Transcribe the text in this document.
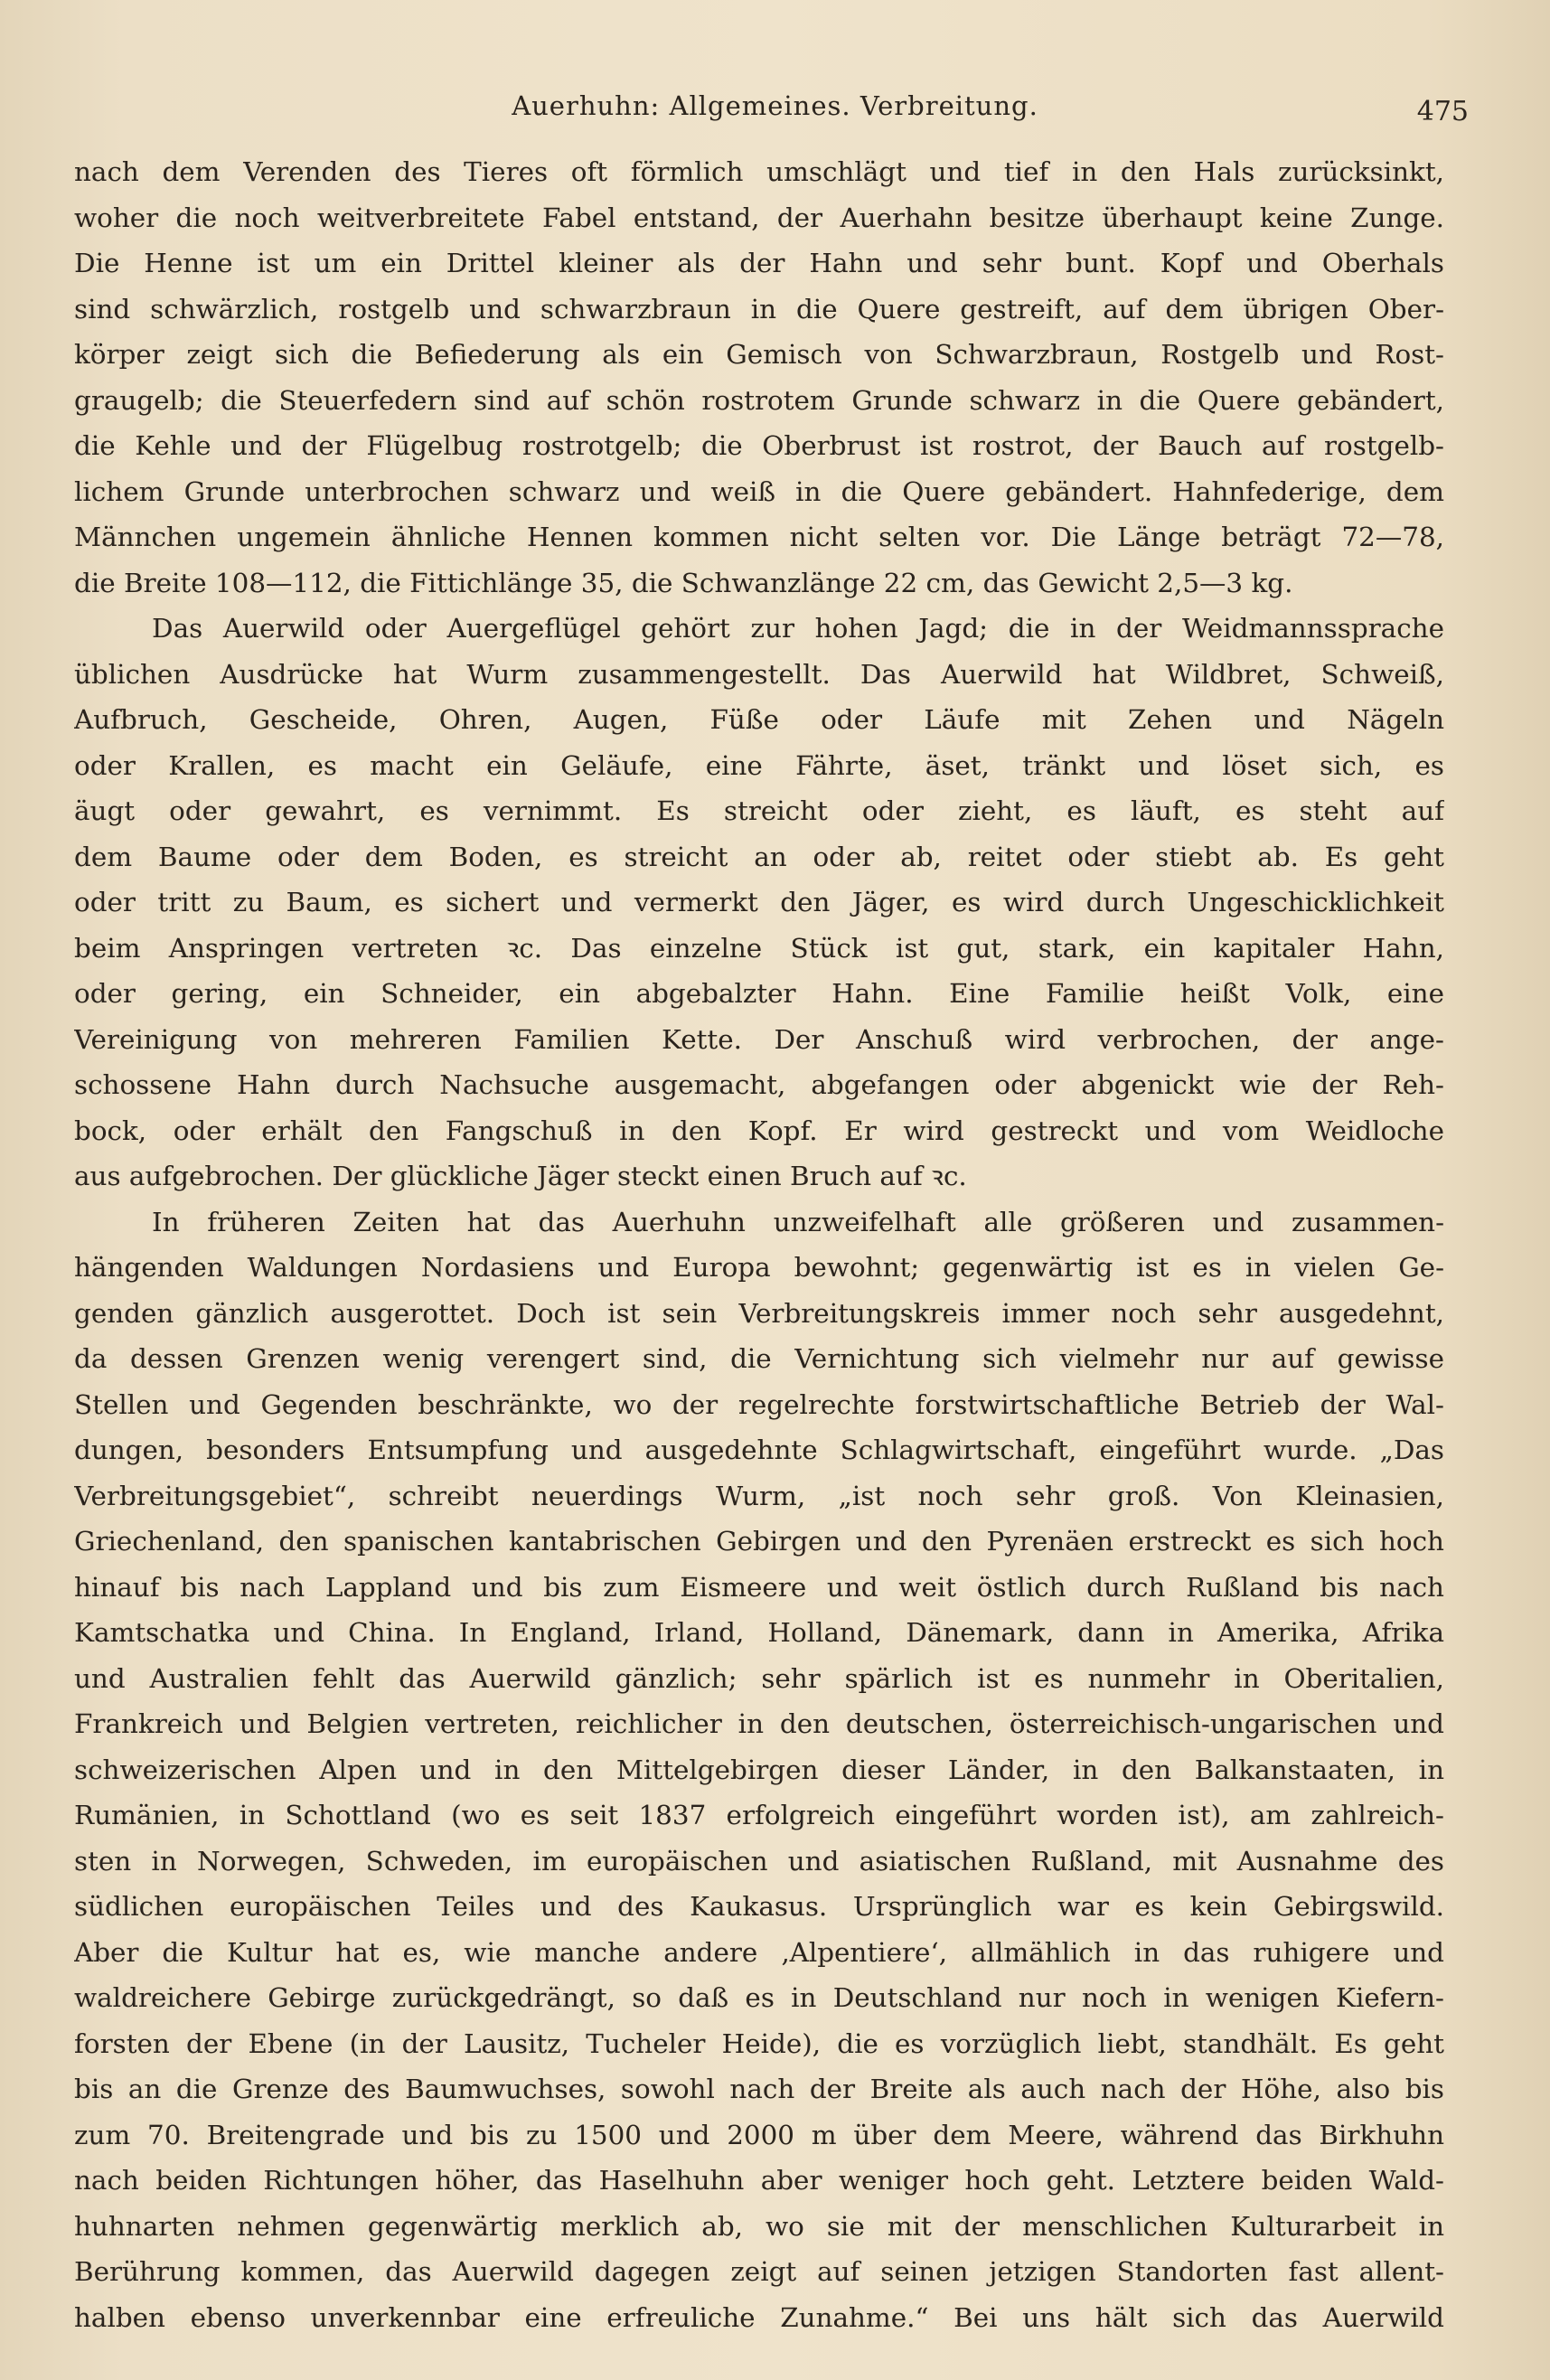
Auerhuhn: Allgemeines. Verbreitung.	475
nach dem Verenden des Tieres oft förmlich umschlägt und tief in den Hals zurücksinkt,
woher die noch weitverbreitete Fabel entstand, der Auerhahn besitze überhaupt keine Zunge.
Die Henne ist um ein Drittel kleiner als der Hahn und sehr bunt. Kopf und Oberhals
sind schwärzlich, rostgelb und schwarzbraun in die Quere gestreift, auf dem übrigen Ober-
körper zeigt sich die Befiederung als ein Gemisch von Schwarzbraun, Rostgelb und Rost-
graugelb; die Steuerfedern sind auf schön rostrotem Grunde schwarz in die Quere gebändert,
die Kehle und der Flügelbug rostrotgelb; die Oberbrust ist rostrot, der Bauch auf rostgelb-
lichem Grunde unterbrochen schwarz und weiß in die Quere gebändert. Hahnfederige, dem
Männchen ungemein ähnliche Hennen kommen nicht selten vor. Die Länge beträgt 72—78,
die Breite 108—112, die Fittichlänge 35, die Schwanzlänge 22 cm, das Gewicht 2,5—3 kg.
Das Auerwild oder Auergeflügel gehört zur hohen Jagd; die in der Weidmannssprache
üblichen Ausdrücke hat Wurm zusammengestellt. Das Auerwild hat Wildbret, Schweiß,
Aufbruch, Gescheide, Ohren, Augen, Füße oder Läufe mit Zehen und Nägeln
oder Krallen, es macht ein Geläufe, eine Fährte, äset, tränkt und löset sich, es
äugt oder gewahrt, es vernimmt. Es streicht oder zieht, es läuft, es steht auf
dem Baume oder dem Boden, es streicht an oder ab, reitet oder stiebt ab. Es geht
oder tritt zu Baum, es sichert und vermerkt den Jäger, es wird durch Ungeschicklichkeit
beim Anspringen vertreten ꝛc. Das einzelne Stück ist gut, stark, ein kapitaler Hahn,
oder gering, ein Schneider, ein abgebalzter Hahn. Eine Familie heißt Volk, eine
Vereinigung von mehreren Familien Kette. Der Anschuß wird verbrochen, der ange-
schossene Hahn durch Nachsuche ausgemacht, abgefangen oder abgenickt wie der Reh-
bock, oder erhält den Fangschuß in den Kopf. Er wird gestreckt und vom Weidloche
aus aufgebrochen. Der glückliche Jäger steckt einen Bruch auf ꝛc.
In früheren Zeiten hat das Auerhuhn unzweifelhaft alle größeren und zusammen-
hängenden Waldungen Nordasiens und Europa bewohnt; gegenwärtig ist es in vielen Ge-
genden gänzlich ausgerottet. Doch ist sein Verbreitungskreis immer noch sehr ausgedehnt,
da dessen Grenzen wenig verengert sind, die Vernichtung sich vielmehr nur auf gewisse
Stellen und Gegenden beschränkte, wo der regelrechte forstwirtschaftliche Betrieb der Wal-
dungen, besonders Entsumpfung und ausgedehnte Schlagwirtschaft, eingeführt wurde. „Das
Verbreitungsgebiet“, schreibt neuerdings Wurm, „ist noch sehr groß. Von Kleinasien,
Griechenland, den spanischen kantabrischen Gebirgen und den Pyrenäen erstreckt es sich hoch
hinauf bis nach Lappland und bis zum Eismeere und weit östlich durch Rußland bis nach
Kamtschatka und China. In England, Irland, Holland, Dänemark, dann in Amerika, Afrika
und Australien fehlt das Auerwild gänzlich; sehr spärlich ist es nunmehr in Oberitalien,
Frankreich und Belgien vertreten, reichlicher in den deutschen, österreichisch-ungarischen und
schweizerischen Alpen und in den Mittelgebirgen dieser Länder, in den Balkanstaaten, in
Rumänien, in Schottland (wo es seit 1837 erfolgreich eingeführt worden ist), am zahlreich-
sten in Norwegen, Schweden, im europäischen und asiatischen Rußland, mit Ausnahme des
südlichen europäischen Teiles und des Kaukasus. Ursprünglich war es kein Gebirgswild.
Aber die Kultur hat es, wie manche andere ‚Alpentiere‘, allmählich in das ruhigere und
waldreichere Gebirge zurückgedrängt, so daß es in Deutschland nur noch in wenigen Kiefern-
forsten der Ebene (in der Lausitz, Tucheler Heide), die es vorzüglich liebt, standhält. Es geht
bis an die Grenze des Baumwuchses, sowohl nach der Breite als auch nach der Höhe, also bis
zum 70. Breitengrade und bis zu 1500 und 2000 m über dem Meere, während das Birkhuhn
nach beiden Richtungen höher, das Haselhuhn aber weniger hoch geht. Letztere beiden Wald-
huhnarten nehmen gegenwärtig merklich ab, wo sie mit der menschlichen Kulturarbeit in
Berührung kommen, das Auerwild dagegen zeigt auf seinen jetzigen Standorten fast allent-
halben ebenso unverkennbar eine erfreuliche Zunahme.“ Bei uns hält sich das Auerwild
